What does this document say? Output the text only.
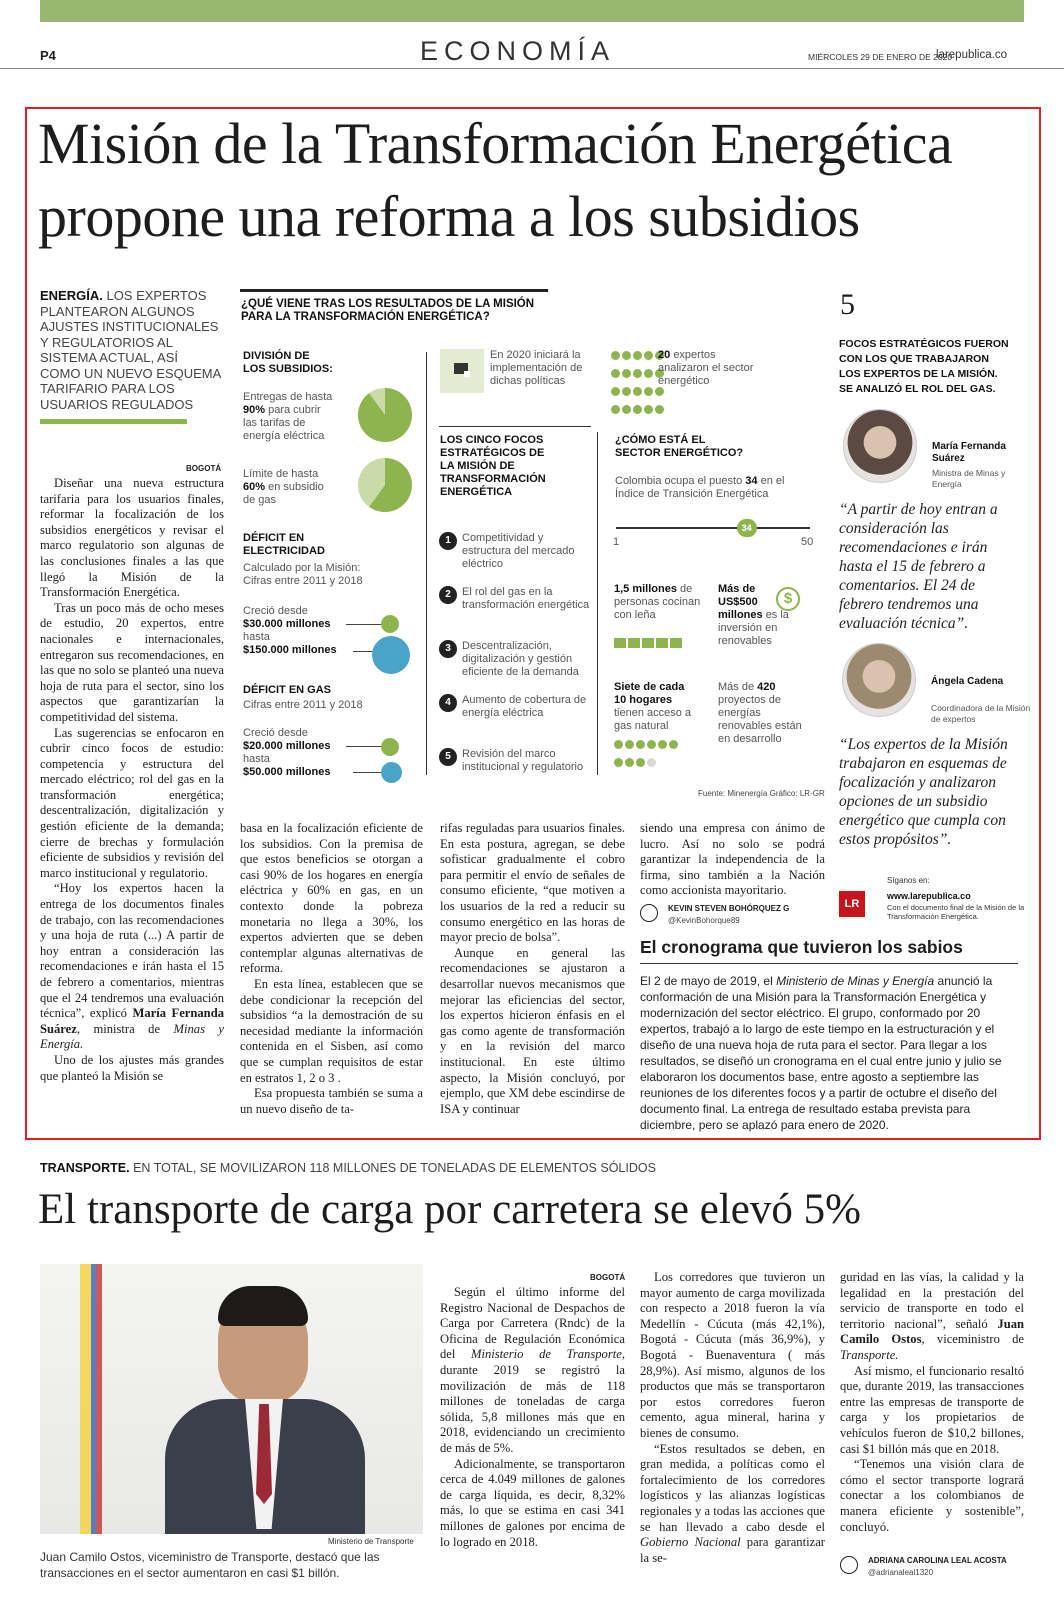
P4	ECONOMÍA	MIÉRCOLES 29 DE ENERO DE 2020
larepublica.co
Misión de la Transformación Energética
propone una reforma a los subsidios
ENERGÍA. LOS EXPERTOS PLANTEARON ALGUNOS AJUSTES INSTITUCIONALES Y REGULATORIOS AL SISTEMA ACTUAL, ASÍ COMO UN NUEVO ESQUEMA TARIFARIO PARA LOS USUARIOS REGULADOS
BOGOTÁ

Diseñar una nueva estructura tarifaria para los usuarios finales, reformar la focalización de los subsidios energéticos y revisar el marco regulatorio son algunas de las conclusiones finales a las que llegó la Misión de la Transformación Energética.

Tras un poco más de ocho meses de estudio, 20 expertos, entre nacionales e internacionales, entregaron sus recomendaciones, en las que no solo se planteó una nueva hoja de ruta para el sector, sino los aspectos que garantizarían la competitividad del sistema.

Las sugerencias se enfocaron en cubrir cinco focos de estudio: competencia y estructura del mercado eléctrico; rol del gas en la transformación energética; descentralización, digitalización y gestión eficiente de la demanda; cierre de brechas y formulación eficiente de subsidios y revisión del marco institucional y regulatorio.

“Hoy los expertos hacen la entrega de los documentos finales de trabajo, con las recomendaciones y una hoja de ruta (...) A partir de hoy entran a consideración las recomendaciones e irán hasta el 15 de febrero a comentarios, mientras que el 24 tendremos una evaluación técnica”, explicó María Fernanda Suárez, ministra de Minas y Energía.

Uno de los ajustes más grandes que planteó la Misión se

¿QUÉ VIENE TRAS LOS RESULTADOS DE LA MISIÓN PARA LA TRANSFORMACIÓN ENERGÉTICA?
DIVISIÓN DE LOS SUBSIDIOS:
Entregas de hasta 90% para cubrir las tarifas de energía eléctrica
Límite de hasta 60% en subsidio de gas
DÉFICIT EN ELECTRICIDAD
Calculado por la Misión: Cifras entre 2011 y 2018
Creció desde
$30.000 millones
hasta
$150.000 millones
DÉFICIT EN GAS
Cifras entre 2011 y 2018
Creció desde
$20.000 millones
hasta
$50.000 millones
En 2020 iniciará la implementación de dichas políticas
20 expertos analizaron el sector energético
LOS CINCO FOCOS ESTRATÉGICOS DE LA MISIÓN DE TRANSFORMACIÓN ENERGÉTICA
1	Competitividad y estructura del mercado eléctrico
2	El rol del gas en la transformación energética
3	Descentralización, digitalización y gestión eficiente de la demanda
4	Aumento de cobertura de energía eléctrica
5	Revisión del marco institucional y regulatorio
¿CÓMO ESTÁ EL SECTOR ENERGÉTICO?
Colombia ocupa el puesto 34 en el Índice de Transición Energética
34
1	50
1,5 millones de personas cocinan con leña
Más de US$500 millones es la inversión en renovables
$
Siete de cada 10 hogares tienen acceso a gas natural
Más de 420 proyectos de energías renovables están en desarrollo
Fuente: Minenergía Gráfico: LR-GR
5
FOCOS ESTRATÉGICOS FUERON CON LOS QUE TRABAJARON LOS EXPERTOS DE LA MISIÓN. SE ANALIZÓ EL ROL DEL GAS.
María Fernanda Suárez
Ministra de Minas y Energía
“A partir de hoy entran a consideración las recomendaciones e irán hasta el 15 de febrero a comentarios. El 24 de febrero tendremos una evaluación técnica”.
Ángela Cadena
Coordinadora de la Misión de expertos
“Los expertos de la Misión trabajaron en esquemas de focalización y analizaron opciones de un subsidio energético que cumpla con estos propósitos”.
LR
Síganos en:
www.larepublica.co
Con el documento final de la Misión de la Transformación Energética.

basa en la focalización eficiente de los subsidios. Con la premisa de que estos beneficios se otorgan a casi 90% de los hogares en energía eléctrica y 60% en gas, en un contexto donde la pobreza monetaria no llega a 30%, los expertos advierten que se deben contemplar algunas alternativas de reforma.

En esta línea, establecen que se debe condicionar la recepción del subsidios “a la demostración de su necesidad mediante la información contenida en el Sisben, así como que se cumplan requisitos de estar en estratos 1, 2 o 3 .

Esa propuesta también se suma a un nuevo diseño de ta-

rifas reguladas para usuarios finales. En esta postura, agregan, se debe sofisticar gradualmente el cobro para permitir el envío de señales de consumo eficiente, “que motiven a los usuarios de la red a reducir su consumo energético en las horas de mayor precio de bolsa”.

Aunque en general las recomendaciones se ajustaron a desarrollar nuevos mecanismos que mejorar las eficiencias del sector, los expertos hicieron énfasis en el gas como agente de transformación y en la revisión del marco institucional. En este último aspecto, la Misión concluyó, por ejemplo, que XM debe escindirse de ISA y continuar

siendo una empresa con ánimo de lucro. Así no solo se podrá garantizar la independencia de la firma, sino también a la Nación como accionista mayoritario.

KEVIN STEVEN BOHÓRQUEZ G
@KevinBohorque89
El cronograma que tuvieron los sabios
El 2 de mayo de 2019, el Ministerio de Minas y Energía anunció la conformación de una Misión para la Transformación Energética y modernización del sector eléctrico. El grupo, conformado por 20 expertos, trabajó a lo largo de este tiempo en la estructuración y el diseño de una nueva hoja de ruta para el sector. Para llegar a los resultados, se diseñó un cronograma en el cual entre junio y julio se elaboraron los documentos base, entre agosto a septiembre las reuniones de los diferentes focos y a partir de octubre el diseño del documento final. La entrega de resultado estaba prevista para diciembre, pero se aplazó para enero de 2020.
TRANSPORTE. EN TOTAL, SE MOVILIZARON 118 MILLONES DE TONELADAS DE ELEMENTOS SÓLIDOS
El transporte de carga por carretera se elevó 5%
Ministerio de Transporte
Juan Camilo Ostos, viceministro de Transporte, destacó que las transacciones en el sector aumentaron en casi $1 billón.
BOGOTÁ

Según el último informe del Registro Nacional de Despachos de Carga por Carretera (Rndc) de la Oficina de Regulación Económica del Ministerio de Transporte, durante 2019 se registró la movilización de más de 118 millones de toneladas de carga sólida, 5,8 millones más que en 2018, evidenciando un crecimiento de más de 5%.

Adicionalmente, se transportaron cerca de 4.049 millones de galones de carga líquida, es decir, 8,32% más, lo que se estima en casi 341 millones de galones por encima de lo logrado en 2018.

Los corredores que tuvieron un mayor aumento de carga movilizada con respecto a 2018 fueron la vía Medellín - Cúcuta (más 42,1%), Bogotá - Cúcuta (más 36,9%), y Bogotá - Buenaventura ( más 28,9%). Así mismo, algunos de los productos que más se transportaron por estos corredores fueron cemento, agua mineral, harina y bienes de consumo.

“Estos resultados se deben, en gran medida, a políticas como el fortalecimiento de los corredores logísticos y las alianzas logísticas regionales y a todas las acciones que se han llevado a cabo desde el Gobierno Nacional para garantizar la se-

guridad en las vías, la calidad y la legalidad en la prestación del servicio de transporte en todo el territorio nacional”, señaló Juan Camilo Ostos, viceministro de Transporte.

Así mismo, el funcionario resaltó que, durante 2019, las transacciones entre las empresas de transporte de carga y los propietarios de vehículos fueron de $10,2 billones, casi $1 billón más que en 2018.

“Tenemos una visión clara de cómo el sector transporte logrará conectar a los colombianos de manera eficiente y sostenible”, concluyó.

ADRIANA CAROLINA LEAL ACOSTA
@adrianaleal1320
